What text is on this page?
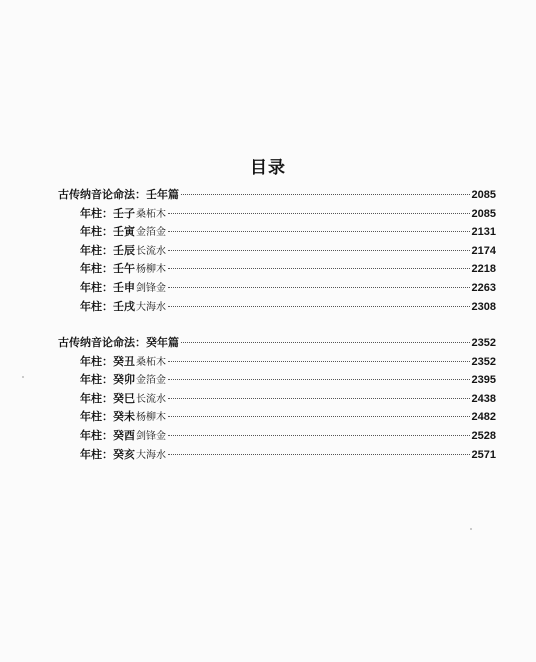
目录
古传纳音论命法：壬年篇	2085
年柱：壬子桑柘木	2085
年柱：壬寅金箔金	2131
年柱：壬辰长流水	2174
年柱：壬午杨柳木	2218
年柱：壬申剑锋金	2263
年柱：壬戌大海水	2308
古传纳音论命法：癸年篇	2352
年柱：癸丑桑柘木	2352
年柱：癸卯金箔金	2395
年柱：癸巳长流水	2438
年柱：癸未杨柳木	2482
年柱：癸酉剑锋金	2528
年柱：癸亥大海水	2571
